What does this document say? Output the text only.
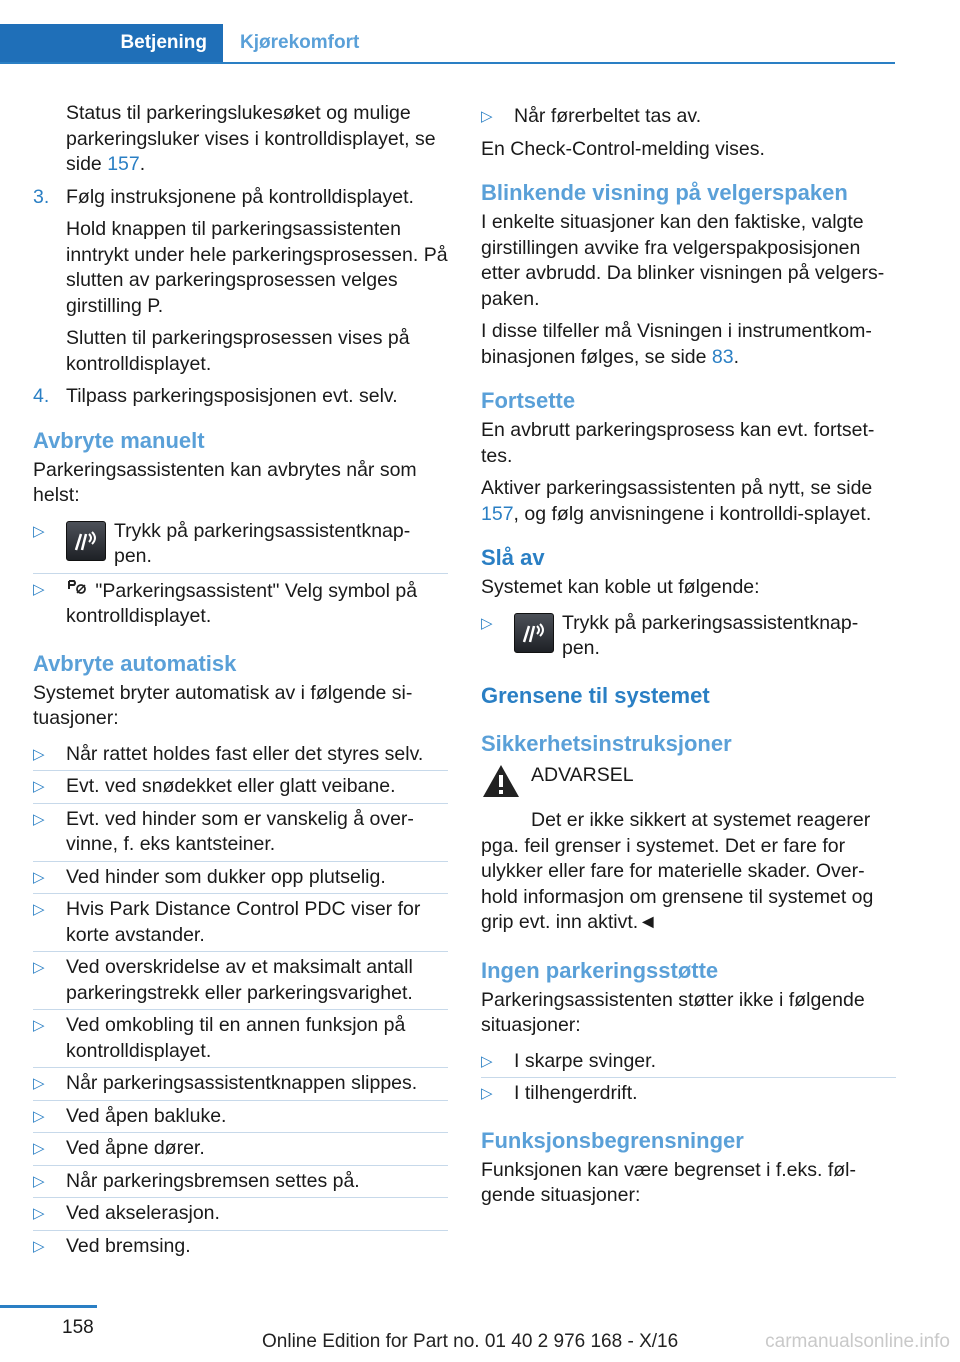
Betjening	Kjørekomfort

Status til parkeringslukesøket og mulige parkeringsluker vises i kontrolldisplayet, se side 157.

3. Følg instruksjonene på kontrolldisplayet.

Hold knappen til parkeringsassistenten inntrykt under hele parkeringsprosessen. På slutten av parkeringsprosessen velges girstilling P.

Slutten til parkeringsprosessen vises på kontrolldisplayet.

4. Tilpass parkeringsposisjonen evt. selv.

Avbryte manuelt

Parkeringsassistenten kan avbrytes når som helst:

▷	Trykk på parkeringsassistentknap‐pen.
▷	"Parkeringsassistent" Velg symbol på kontrolldisplayet.
Avbryte automatisk

Systemet bryter automatisk av i følgende si‐tuasjoner:

▷ Når rattet holdes fast eller det styres selv.
▷ Evt. ved snødekket eller glatt veibane.
▷ Evt. ved hinder som er vanskelig å over‐vinne, f. eks kantsteiner.
▷ Ved hinder som dukker opp plutselig.
▷ Hvis Park Distance Control PDC viser for korte avstander.
▷ Ved overskridelse av et maksimalt antall parkeringstrekk eller parkeringsvarighet.
▷ Ved omkobling til en annen funksjon på kontrolldisplayet.
▷ Når parkeringsassistentknappen slippes.
▷ Ved åpen bakluke.
▷ Ved åpne dører.
▷ Når parkeringsbremsen settes på.
▷ Ved akselerasjon.
▷ Ved bremsing.
▷ Når førerbeltet tas av.

En Check-Control-melding vises.

Blinkende visning på velgerspaken

I enkelte situasjoner kan den faktiske, valgte girstillingen avvike fra velgerspakposisjonen etter avbrudd. Da blinker visningen på velgers‐paken.

I disse tilfeller må Visningen i instrumentkom‐binasjonen følges, se side 83.

Fortsette

En avbrutt parkeringsprosess kan evt. fortset‐tes.

Aktiver parkeringsassistenten på nytt, se side 157, og følg anvisningene i kontrolldi‐splayet.

Slå av

Systemet kan koble ut følgende:

▷	Trykk på parkeringsassistentknap‐pen.
Grensene til systemet
Sikkerhetsinstruksjoner
ADVARSEL

Det er ikke sikkert at systemet reagerer pga. feil grenser i systemet. Det er fare for ulykker eller fare for materielle skader. Over‐hold informasjon om grensene til systemet og grip evt. inn aktivt.◄

Ingen parkeringsstøtte

Parkeringsassistenten støtter ikke i følgende situasjoner:

▷ I skarpe svinger.
▷ I tilhengerdrift.
Funksjonsbegrensninger

Funksjonen kan være begrenset i f.eks. føl‐gende situasjoner:

158
Online Edition for Part no. 01 40 2 976 168 - X/16	carmanualsonline.info
